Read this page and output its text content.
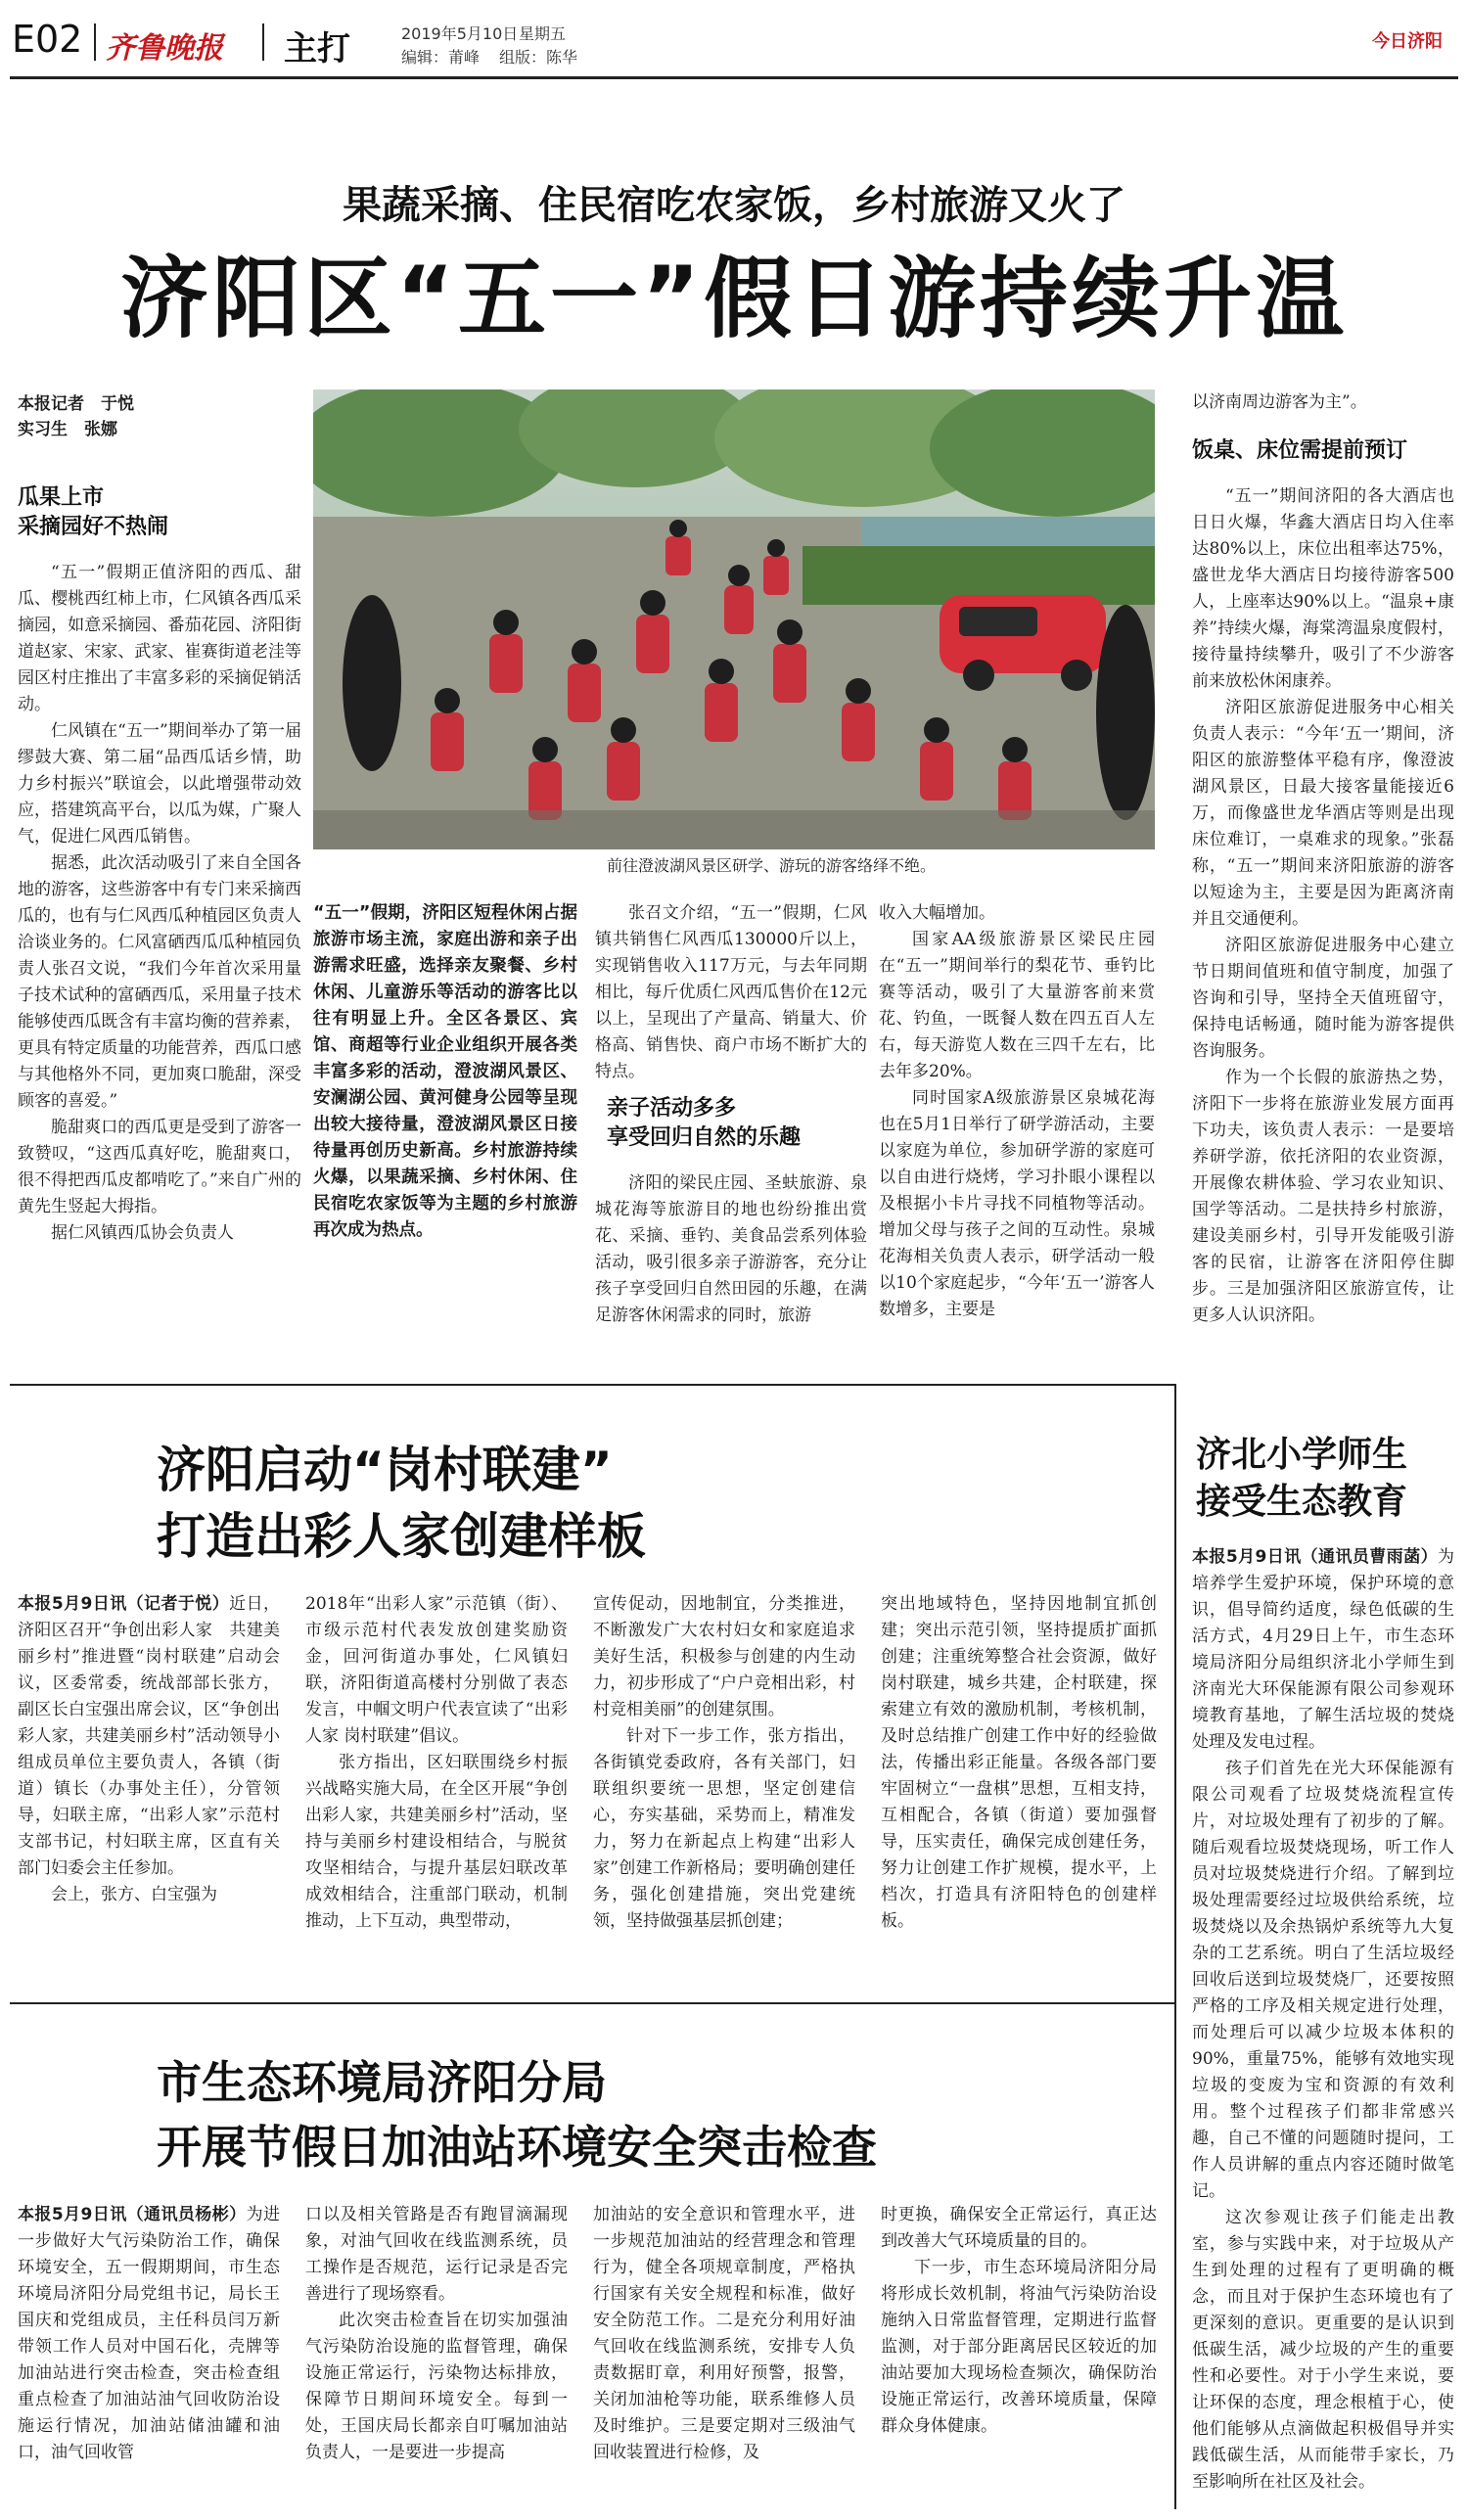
E02 齐鲁晚报 主打	2019年5月10日 星期五
编辑：莆峰 组版：陈华
今日济阳
果蔬采摘、住民宿吃农家饭，乡村旅游又火了
济阳区“五一”假日游持续升温
本报记者　于悦
实习生　张娜
瓜果上市
采摘园好不热闹

“五一”假期正值济阳的西瓜、甜瓜、樱桃西红柿上市，仁风镇各西瓜采摘园，如意采摘园、番茄花园、济阳街道赵家、宋家、武家、崔赛街道老洼等园区村庄推出了丰富多彩的采摘促销活动。

仁风镇在“五一”期间举办了第一届缪鼓大赛、第二届“品西瓜话乡情，助力乡村振兴”联谊会，以此增强带动效应，搭建筑高平台，以瓜为媒，广聚人气，促进仁风西瓜销售。

据悉，此次活动吸引了来自全国各地的游客，这些游客中有专门来采摘西瓜的，也有与仁风西瓜种植园区负责人洽谈业务的。仁风富硒西瓜瓜种植园负责人张召文说，“我们今年首次采用量子技术试种的富硒西瓜，采用量子技术能够使西瓜既含有丰富均衡的营养素，更具有特定质量的功能营养，西瓜口感与其他格外不同，更加爽口脆甜，深受顾客的喜爱。”

脆甜爽口的西瓜更是受到了游客一致赞叹，“这西瓜真好吃，脆甜爽口，很不得把西瓜皮都啃吃了。”来自广州的黄先生竖起大拇指。

据仁风镇西瓜协会负责人

前往澄波湖风景区研学、游玩的游客络绎不绝。
“五一”假期，济阳区短程休闲占据旅游市场主流，家庭出游和亲子出游需求旺盛，选择亲友聚餐、乡村休闲、儿童游乐等活动的游客比以往有明显上升。全区各景区、宾馆、商超等行业企业组织开展各类丰富多彩的活动，澄波湖风景区、安澜湖公园、黄河健身公园等呈现出较大接待量，澄波湖风景区日接待量再创历史新高。乡村旅游持续火爆，以果蔬采摘、乡村休闲、住民宿吃农家饭等为主题的乡村旅游再次成为热点。

张召文介绍，“五一”假期，仁风镇共销售仁风西瓜130000斤以上，实现销售收入117万元，与去年同期相比，每斤优质仁风西瓜售价在12元以上，呈现出了产量高、销量大、价格高、销售快、商户市场不断扩大的特点。

亲子活动多多
享受回归自然的乐趣

济阳的梁民庄园、圣蚨旅游、泉城花海等旅游目的地也纷纷推出赏花、采摘、垂钓、美食品尝系列体验活动，吸引很多亲子游游客，充分让孩子享受回归自然田园的乐趣，在满足游客休闲需求的同时，旅游

收入大幅增加。

国家AA级旅游景区梁民庄园在“五一”期间举行的梨花节、垂钓比赛等活动，吸引了大量游客前来赏花、钓鱼，一既餐人数在四五百人左右，每天游览人数在三四千左右，比去年多20%。

同时国家A级旅游景区泉城花海也在5月1日举行了研学游活动，主要以家庭为单位，参加研学游的家庭可以自由进行烧烤，学习扑眼小课程以及根据小卡片寻找不同植物等活动。增加父母与孩子之间的互动性。泉城花海相关负责人表示，研学活动一般以10个家庭起步，“今年‘五一’游客人数增多，主要是

以济南周边游客为主”。

饭桌、床位需提前预订

“五一”期间济阳的各大酒店也日日火爆，华鑫大酒店日均入住率达80%以上，床位出租率达75%，盛世龙华大酒店日均接待游客500人，上座率达90%以上。“温泉+康养”持续火爆，海棠湾温泉度假村，接待量持续攀升，吸引了不少游客前来放松休闲康养。

济阳区旅游促进服务中心相关负责人表示：“今年‘五一’期间，济阳区的旅游整体平稳有序，像澄波湖风景区，日最大接客量能接近6万，而像盛世龙华酒店等则是出现床位难订，一桌难求的现象。”张磊称，“五一”期间来济阳旅游的游客以短途为主，主要是因为距离济南并且交通便利。

济阳区旅游促进服务中心建立节日期间值班和值守制度，加强了咨询和引导，坚持全天值班留守，保持电话畅通，随时能为游客提供咨询服务。

作为一个长假的旅游热之势，济阳下一步将在旅游业发展方面再下功夫，该负责人表示：一是要培养研学游，依托济阳的农业资源，开展像农耕体验、学习农业知识、国学等活动。二是扶持乡村旅游，建设美丽乡村，引导开发能吸引游客的民宿，让游客在济阳停住脚步。三是加强济阳区旅游宣传，让更多人认识济阳。

济阳启动“岗村联建”
打造出彩人家创建样板

本报5月9日讯（记者于悦）近日，济阳区召开“争创出彩人家　共建美丽乡村”推进暨“岗村联建”启动会议，区委常委，统战部部长张方，副区长白宝强出席会议，区“争创出彩人家，共建美丽乡村”活动领导小组成员单位主要负责人，各镇（街道）镇长（办事处主任），分管领导，妇联主席，“出彩人家”示范村支部书记，村妇联主席，区直有关部门妇委会主任参加。

会上，张方、白宝强为

2018年“出彩人家”示范镇（街）、市级示范村代表发放创建奖励资金，回河街道办事处，仁风镇妇联，济阳街道高楼村分别做了表态发言，中帼文明户代表宣读了“出彩人家 岗村联建”倡议。

张方指出，区妇联围绕乡村振兴战略实施大局，在全区开展“争创出彩人家，共建美丽乡村”活动，坚持与美丽乡村建设相结合，与脱贫攻坚相结合，与提升基层妇联改革成效相结合，注重部门联动，机制推动，上下互动，典型带动，

宣传促动，因地制宜，分类推进，不断激发广大农村妇女和家庭追求美好生活，积极参与创建的内生动力，初步形成了“户户竞相出彩，村村竞相美丽”的创建氛围。

针对下一步工作，张方指出，各街镇党委政府，各有关部门，妇联组织要统一思想，坚定创建信心，夯实基础，采势而上，精准发力，努力在新起点上构建“出彩人家”创建工作新格局；要明确创建任务，强化创建措施，突出党建统领，坚持做强基层抓创建；

突出地域特色，坚持因地制宜抓创建；突出示范引领，坚持提质扩面抓创建；注重统筹整合社会资源，做好岗村联建，城乡共建，企村联建，探索建立有效的激励机制，考核机制，及时总结推广创建工作中好的经验做法，传播出彩正能量。各级各部门要牢固树立“一盘棋”思想，互相支持，互相配合，各镇（街道）要加强督导，压实责任，确保完成创建任务，努力让创建工作扩规模，提水平，上档次，打造具有济阳特色的创建样板。

济北小学师生
接受生态教育

本报5月9日讯（通讯员曹雨菡）为培养学生爱护环境，保护环境的意识，倡导简约适度，绿色低碳的生活方式，4月29日上午，市生态环境局济阳分局组织济北小学师生到济南光大环保能源有限公司参观环境教育基地，了解生活垃圾的焚烧处理及发电过程。

孩子们首先在光大环保能源有限公司观看了垃圾焚烧流程宣传片，对垃圾处理有了初步的了解。随后观看垃圾焚烧现场，听工作人员对垃圾焚烧进行介绍。了解到垃圾处理需要经过垃圾供给系统，垃圾焚烧以及余热锅炉系统等九大复杂的工艺系统。明白了生活垃圾经回收后送到垃圾焚烧厂，还要按照严格的工序及相关规定进行处理，而处理后可以减少垃圾本体积的90%，重量75%，能够有效地实现垃圾的变废为宝和资源的有效利用。整个过程孩子们都非常感兴趣，自己不懂的问题随时提问，工作人员讲解的重点内容还随时做笔记。

这次参观让孩子们能走出教室，参与实践中来，对于垃圾从产生到处理的过程有了更明确的概念，而且对于保护生态环境也有了更深刻的意识。更重要的是认识到低碳生活，减少垃圾的产生的重要性和必要性。对于小学生来说，要让环保的态度，理念根植于心，使他们能够从点滴做起积极倡导并实践低碳生活，从而能带手家长，乃至影响所在社区及社会。

市生态环境局济阳分局
开展节假日加油站环境安全突击检查

本报5月9日讯（通讯员杨彬）为进一步做好大气污染防治工作，确保环境安全，五一假期期间，市生态环境局济阳分局党组书记，局长王国庆和党组成员，主任科员闫万新带领工作人员对中国石化，壳牌等加油站进行突击检查，突击检查组重点检查了加油站油气回收防治设施运行情况，加油站储油罐和油口，油气回收管

口以及相关管路是否有跑冒滴漏现象，对油气回收在线监测系统，员工操作是否规范，运行记录是否完善进行了现场察看。

此次突击检查旨在切实加强油气污染防治设施的监督管理，确保设施正常运行，污染物达标排放，保障节日期间环境安全。每到一处，王国庆局长都亲自叮嘱加油站负责人，一是要进一步提高

加油站的安全意识和管理水平，进一步规范加油站的经营理念和管理行为，健全各项规章制度，严格执行国家有关安全规程和标准，做好安全防范工作。二是充分利用好油气回收在线监测系统，安排专人负责数据盯章，利用好预警，报警，关闭加油枪等功能，联系维修人员及时维护。三是要定期对三级油气回收装置进行检修，及

时更换，确保安全正常运行，真正达到改善大气环境质量的目的。

下一步，市生态环境局济阳分局将形成长效机制，将油气污染防治设施纳入日常监督管理，定期进行监督监测，对于部分距离居民区较近的加油站要加大现场检查频次，确保防治设施正常运行，改善环境质量，保障群众身体健康。
